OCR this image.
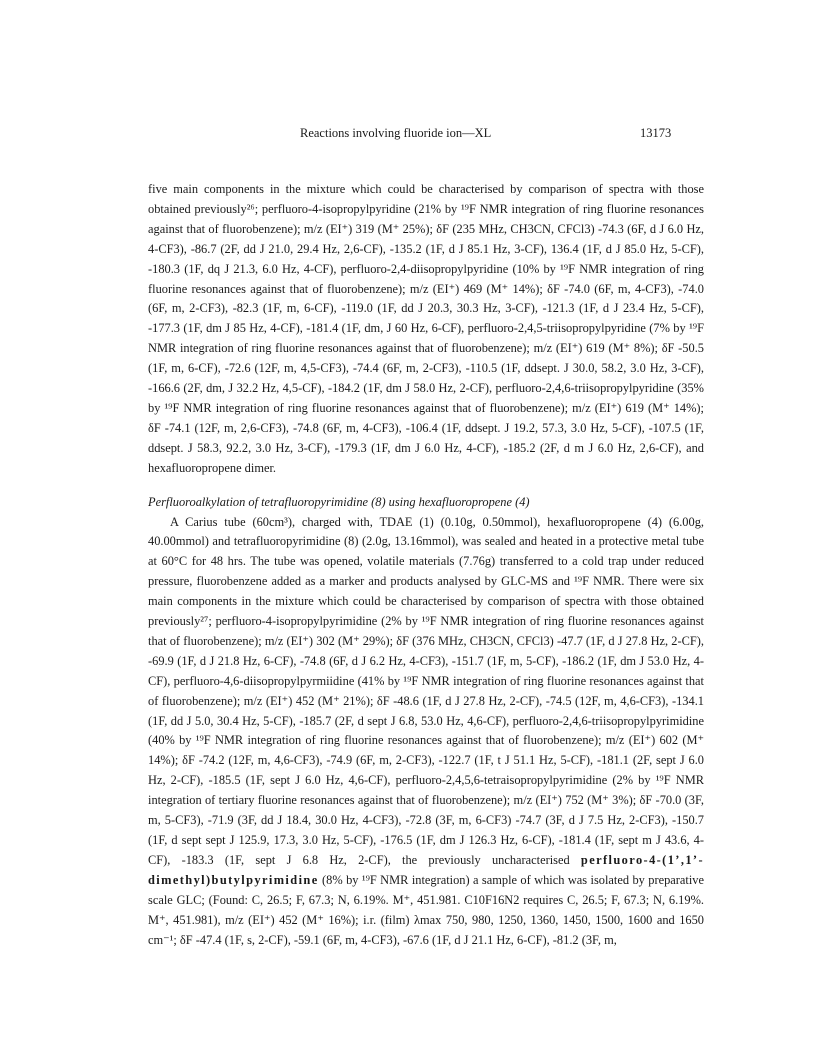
Reactions involving fluoride ion—XL	13173

five main components in the mixture which could be characterised by comparison of spectra with those obtained previously²⁶; perfluoro-4-isopropylpyridine (21% by ¹⁹F NMR integration of ring fluorine resonances against that of fluorobenzene); m/z (EI⁺) 319 (M⁺ 25%); δF (235 MHz, CH3CN, CFCl3) -74.3 (6F, d J 6.0 Hz, 4-CF3), -86.7 (2F, dd J 21.0, 29.4 Hz, 2,6-CF), -135.2 (1F, d J 85.1 Hz, 3-CF), 136.4 (1F, d J 85.0 Hz, 5-CF), -180.3 (1F, dq J 21.3, 6.0 Hz, 4-CF), perfluoro-2,4-diisopropylpyridine (10% by ¹⁹F NMR integration of ring fluorine resonances against that of fluorobenzene); m/z (EI⁺) 469 (M⁺ 14%); δF -74.0 (6F, m, 4-CF3), -74.0 (6F, m, 2-CF3), -82.3 (1F, m, 6-CF), -119.0 (1F, dd J 20.3, 30.3 Hz, 3-CF), -121.3 (1F, d J 23.4 Hz, 5-CF), -177.3 (1F, dm J 85 Hz, 4-CF), -181.4 (1F, dm, J 60 Hz, 6-CF), perfluoro-2,4,5-triisopropylpyridine (7% by ¹⁹F NMR integration of ring fluorine resonances against that of fluorobenzene); m/z (EI⁺) 619 (M⁺ 8%); δF -50.5 (1F, m, 6-CF), -72.6 (12F, m, 4,5-CF3), -74.4 (6F, m, 2-CF3), -110.5 (1F, ddsept. J 30.0, 58.2, 3.0 Hz, 3-CF), -166.6 (2F, dm, J 32.2 Hz, 4,5-CF), -184.2 (1F, dm J 58.0 Hz, 2-CF), perfluoro-2,4,6-triisopropylpyridine (35% by ¹⁹F NMR integration of ring fluorine resonances against that of fluorobenzene); m/z (EI⁺) 619 (M⁺ 14%); δF -74.1 (12F, m, 2,6-CF3), -74.8 (6F, m, 4-CF3), -106.4 (1F, ddsept. J 19.2, 57.3, 3.0 Hz, 5-CF), -107.5 (1F, ddsept. J 58.3, 92.2, 3.0 Hz, 3-CF), -179.3 (1F, dm J 6.0 Hz, 4-CF), -185.2 (2F, d m J 6.0 Hz, 2,6-CF), and hexafluoropropene dimer.

Perfluoroalkylation of tetrafluoropyrimidine (8) using hexafluoropropene (4)

A Carius tube (60cm³), charged with, TDAE (1) (0.10g, 0.50mmol), hexafluoropropene (4) (6.00g, 40.00mmol) and tetrafluoropyrimidine (8) (2.0g, 13.16mmol), was sealed and heated in a protective metal tube at 60°C for 48 hrs. The tube was opened, volatile materials (7.76g) transferred to a cold trap under reduced pressure, fluorobenzene added as a marker and products analysed by GLC-MS and ¹⁹F NMR. There were six main components in the mixture which could be characterised by comparison of spectra with those obtained previously²⁷; perfluoro-4-isopropylpyrimidine (2% by ¹⁹F NMR integration of ring fluorine resonances against that of fluorobenzene); m/z (EI⁺) 302 (M⁺ 29%); δF (376 MHz, CH3CN, CFCl3) -47.7 (1F, d J 27.8 Hz, 2-CF), -69.9 (1F, d J 21.8 Hz, 6-CF), -74.8 (6F, d J 6.2 Hz, 4-CF3), -151.7 (1F, m, 5-CF), -186.2 (1F, dm J 53.0 Hz, 4-CF), perfluoro-4,6-diisopropylpyrmiidine (41% by ¹⁹F NMR integration of ring fluorine resonances against that of fluorobenzene); m/z (EI⁺) 452 (M⁺ 21%); δF -48.6 (1F, d J 27.8 Hz, 2-CF), -74.5 (12F, m, 4,6-CF3), -134.1 (1F, dd J 5.0, 30.4 Hz, 5-CF), -185.7 (2F, d sept J 6.8, 53.0 Hz, 4,6-CF), perfluoro-2,4,6-triisopropylpyrimidine (40% by ¹⁹F NMR integration of ring fluorine resonances against that of fluorobenzene); m/z (EI⁺) 602 (M⁺ 14%); δF -74.2 (12F, m, 4,6-CF3), -74.9 (6F, m, 2-CF3), -122.7 (1F, t J 51.1 Hz, 5-CF), -181.1 (2F, sept J 6.0 Hz, 2-CF), -185.5 (1F, sept J 6.0 Hz, 4,6-CF), perfluoro-2,4,5,6-tetraisopropylpyrimidine (2% by ¹⁹F NMR integration of tertiary fluorine resonances against that of fluorobenzene); m/z (EI⁺) 752 (M⁺ 3%); δF -70.0 (3F, m, 5-CF3), -71.9 (3F, dd J 18.4, 30.0 Hz, 4-CF3), -72.8 (3F, m, 6-CF3) -74.7 (3F, d J 7.5 Hz, 2-CF3), -150.7 (1F, d sept sept J 125.9, 17.3, 3.0 Hz, 5-CF), -176.5 (1F, dm J 126.3 Hz, 6-CF), -181.4 (1F, sept m J 43.6, 4-CF), -183.3 (1F, sept J 6.8 Hz, 2-CF), the previously uncharacterised perfluoro-4-(1’,1’-dimethyl)butylpyrimidine (8% by ¹⁹F NMR integration) a sample of which was isolated by preparative scale GLC; (Found: C, 26.5; F, 67.3; N, 6.19%. M⁺, 451.981. C10F16N2 requires C, 26.5; F, 67.3; N, 6.19%. M⁺, 451.981), m/z (EI⁺) 452 (M⁺ 16%); i.r. (film) λmax 750, 980, 1250, 1360, 1450, 1500, 1600 and 1650 cm⁻¹; δF -47.4 (1F, s, 2-CF), -59.1 (6F, m, 4-CF3), -67.6 (1F, d J 21.1 Hz, 6-CF), -81.2 (3F, m,
